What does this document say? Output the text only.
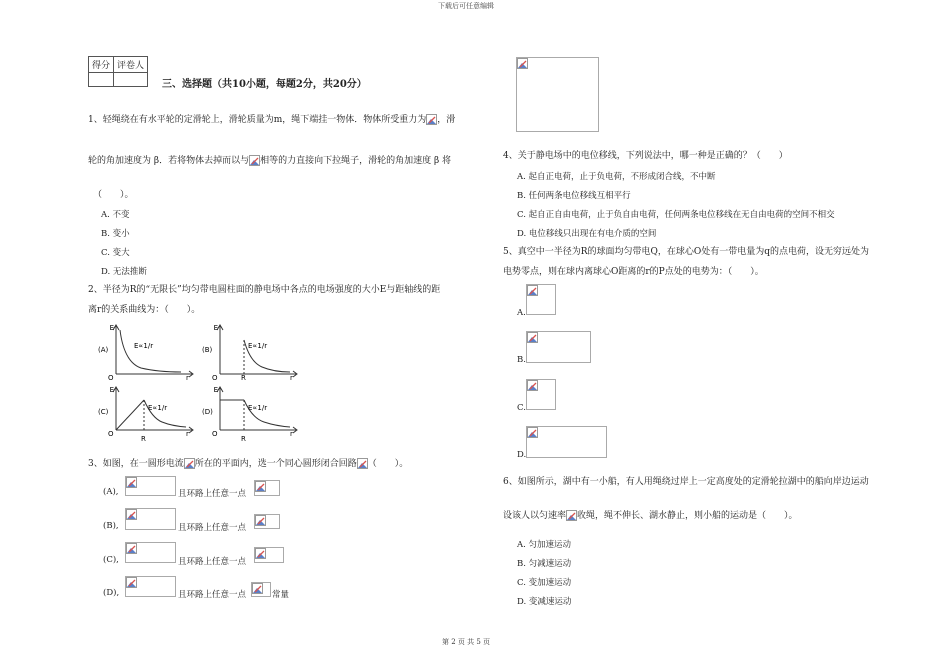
下载后可任意编辑
第 2 页 共 5 页
得分	评卷人

三、选择题（共10小题，每题2分，共20分）
1、轻绳绕在有水平轮的定滑轮上，滑轮质量为m，绳下端挂一物体．物体所受重力为 ，滑
轮的角加速度为 β．若将物体去掉而以与 相等的力直接向下拉绳子，滑轮的角加速度 β 将
（　　）。
A. 不变
B. 变小
C. 变大
D. 无法推断
2、半径为R的“无限长”均匀带电圆柱面的静电场中各点的电场强度的大小E与距轴线的距
离r的关系曲线为：（　　）。
E
r
O
(A)	E∝1/r
E
r
O	R
(B)	E∝1/r
E
r
O
R
(C)	E∝1/r
E
r
O
R
(D)	E∝1/r
3、如图，在一圆形电流 所在的平面内，选一个同心圆形闭合回路 （　　）。
(A),	且环路上任意一点
(B),	且环路上任意一点
(C),	且环路上任意一点
(D),	且环路上任意一点	常量
4、关于静电场中的电位移线，下列说法中，哪一种是正确的？（　　）
A. 起自正电荷，止于负电荷，不形成闭合线，不中断
B. 任何两条电位移线互相平行
C. 起自正自由电荷，止于负自由电荷，任何两条电位移线在无自由电荷的空间不相交
D. 电位移线只出现在有电介质的空间
5、真空中一半径为R的球面均匀带电Q，在球心O处有一带电量为q的点电荷，设无穷远处为
电势零点，则在球内离球心O距离的r的P点处的电势为：（　　）。
A.
B.
C.
D.
6、如图所示，湖中有一小船，有人用绳绕过岸上一定高度处的定滑轮拉湖中的船向岸边运动
设该人以匀速率 收绳，绳不伸长、湖水静止，则小船的运动是（　　）。
A. 匀加速运动
B. 匀减速运动
C. 变加速运动
D. 变减速运动
